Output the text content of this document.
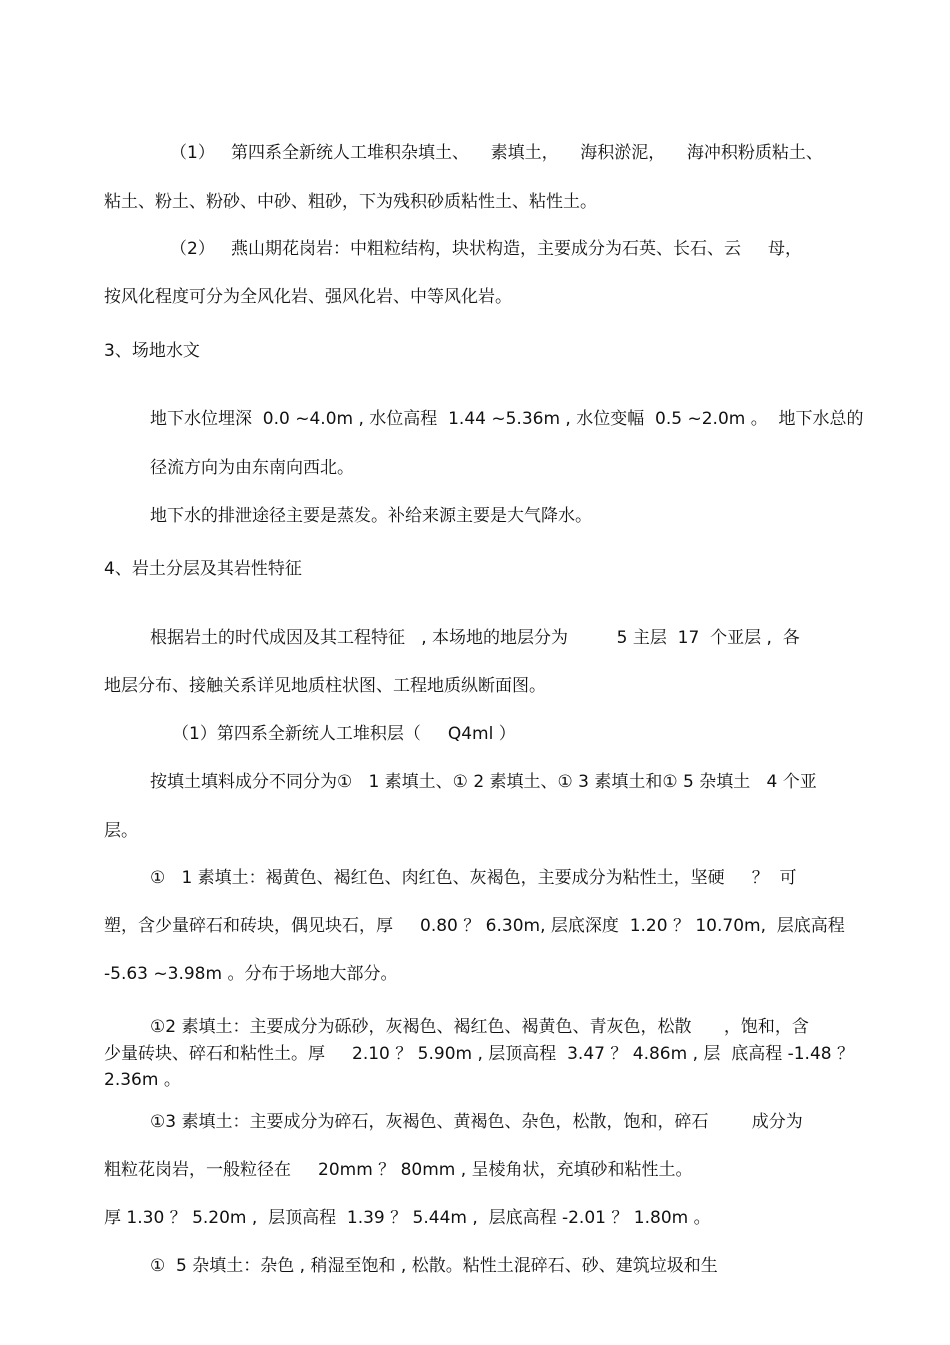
（1）   第四系全新统人工堆积杂填土、    素填土，    海积淤泥，    海冲积粉质粘土、
粘土、粉土、粉砂、中砂、粗砂，下为残积砂质粘性土、粘性土。
（2）   燕山期花岗岩：中粗粒结构，块状构造，主要成分为石英、长石、云     母，
按风化程度可分为全风化岩、强风化岩、中等风化岩。
3、场地水文
地下水位埋深  0.0 ~4.0m , 水位高程  1.44 ~5.36m , 水位变幅  0.5 ~2.0m 。  地下水总的
径流方向为由东南向西北。
地下水的排泄途径主要是蒸发。补给来源主要是大气降水。
4、岩土分层及其岩性特征
根据岩土的时代成因及其工程特征   , 本场地的地层分为         5 主层  17  个亚层 ,  各
地层分布、接触关系详见地质柱状图、工程地质纵断面图。
（1）第四系全新统人工堆积层（     Q4ml ）
按填土填料成分不同分为①   1 素填土、① 2 素填土、① 3 素填土和① 5 杂填土   4 个亚
层。
①   1 素填土：褐黄色、褐红色、肉红色、灰褐色，主要成分为粘性土，坚硬     ？  可
塑，含少量碎石和砖块，偶见块石，厚     0.80 ？ 6.30m, 层底深度  1.20 ？ 10.70m,  层底高程
-5.63 ~3.98m 。分布于场地大部分。
①2 素填土：主要成分为砾砂，灰褐色、褐红色、褐黄色、青灰色，松散      ，饱和，含
少量砖块、碎石和粘性土。厚     2.10 ？ 5.90m , 层顶高程  3.47 ？ 4.86m , 层  底高程 -1.48 ？
2.36m 。
①3 素填土：主要成分为碎石，灰褐色、黄褐色、杂色，松散，饱和，碎石        成分为
粗粒花岗岩，一般粒径在     20mm ？ 80mm , 呈棱角状，充填砂和粘性土。
厚 1.30 ？ 5.20m ,  层顶高程  1.39 ？ 5.44m ,  层底高程 -2.01 ？ 1.80m 。
①  5 杂填土：杂色 , 稍湿至饱和 , 松散。粘性土混碎石、砂、建筑垃圾和生
